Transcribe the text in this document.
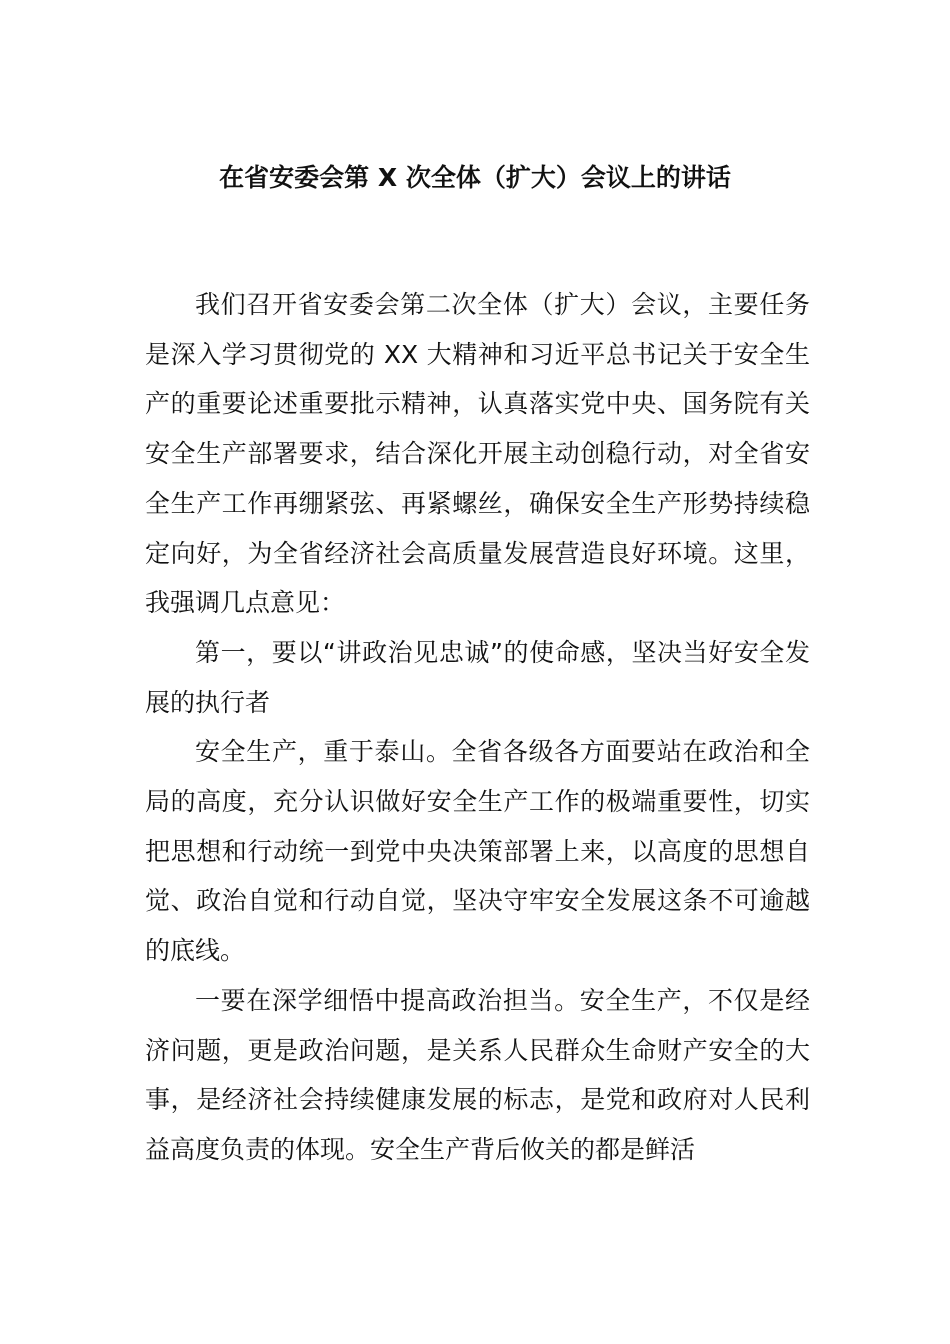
在省安委会第 X 次全体（扩大）会议上的讲话

我们召开省安委会第二次全体（扩大）会议，主要任务是深入学习贯彻党的 XX 大精神和习近平总书记关于安全生产的重要论述重要批示精神，认真落实党中央、国务院有关安全生产部署要求，结合深化开展主动创稳行动，对全省安全生产工作再绷紧弦、再紧螺丝，确保安全生产形势持续稳定向好，为全省经济社会高质量发展营造良好环境。这里，我强调几点意见：

第一，要以“讲政治见忠诚”的使命感，坚决当好安全发展的执行者

安全生产，重于泰山。全省各级各方面要站在政治和全局的高度，充分认识做好安全生产工作的极端重要性，切实把思想和行动统一到党中央决策部署上来，以高度的思想自觉、政治自觉和行动自觉，坚决守牢安全发展这条不可逾越的底线。

一要在深学细悟中提高政治担当。安全生产，不仅是经济问题，更是政治问题，是关系人民群众生命财产安全的大事，是经济社会持续健康发展的标志，是党和政府对人民利益高度负责的体现。安全生产背后攸关的都是鲜活
